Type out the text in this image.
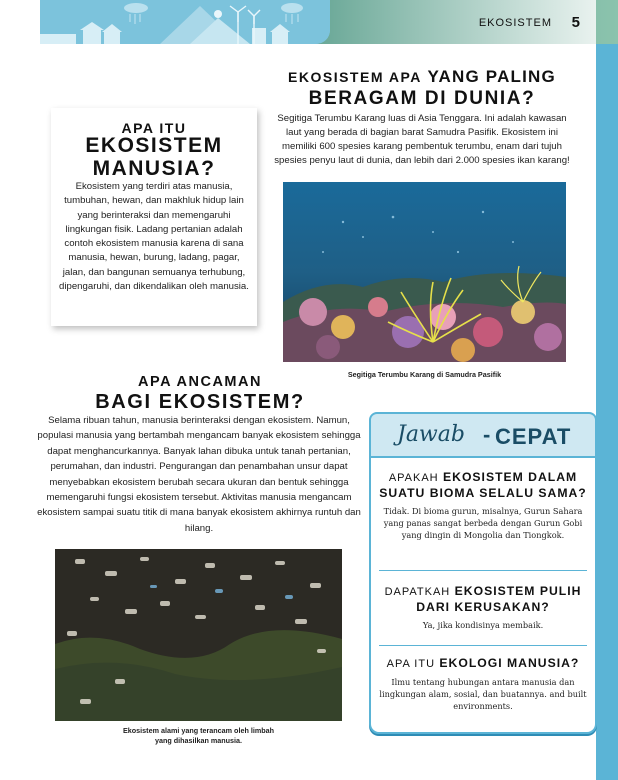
EKOSISTEM 5
APA ITU
EKOSISTEM
MANUSIA?
Ekosistem yang terdiri atas manusia, tumbuhan, hewan, dan makhluk hidup lain yang berinteraksi dan memengaruhi lingkungan fisik. Ladang pertanian adalah contoh ekosistem manusia karena di sana manusia, hewan, burung, ladang, pagar, jalan, dan bangunan semuanya terhubung, dipengaruhi, dan dikendalikan oleh manusia.
EKOSISTEM APA YANG PALING
BERAGAM DI DUNIA?
Segitiga Terumbu Karang luas di Asia Tenggara. Ini adalah kawasan laut yang berada di bagian barat Samudra Pasifik. Ekosistem ini memiliki 600 spesies karang pembentuk terumbu, enam dari tujuh spesies penyu laut di dunia, dan lebih dari 2.000 spesies ikan karang!
Segitiga Terumbu Karang di Samudra Pasifik
APA ANCAMAN
BAGI EKOSISTEM?
Selama ribuan tahun, manusia berinteraksi dengan ekosistem. Namun, populasi manusia yang bertambah mengancam banyak ekosistem sehingga dapat menghancurkannya. Banyak lahan dibuka untuk tanah pertanian, perumahan, dan industri. Pengurangan dan penambahan unsur dapat menyebabkan ekosistem berubah secara ukuran dan bentuk sehingga memengaruhi fungsi ekosistem tersebut. Aktivitas manusia mengancam ekosistem sampai suatu titik di mana banyak ekosistem akhirnya runtuh dan hilang.
Ekosistem alami yang terancam oleh limbah
yang dihasilkan manusia.
Jawab - CEPAT
APAKAH EKOSISTEM DALAM SUATU BIOMA SELALU SAMA?
Tidak. Di bioma gurun, misalnya, Gurun Sahara yang panas sangat berbeda dengan Gurun Gobi yang dingin di Mongolia dan Tiongkok.
DAPATKAH EKOSISTEM PULIH DARI KERUSAKAN?
Ya, jika kondisinya membaik.
APA ITU EKOLOGI MANUSIA?
Ilmu tentang hubungan antara manusia dan lingkungan alam, sosial, dan buatannya. and built environments.
